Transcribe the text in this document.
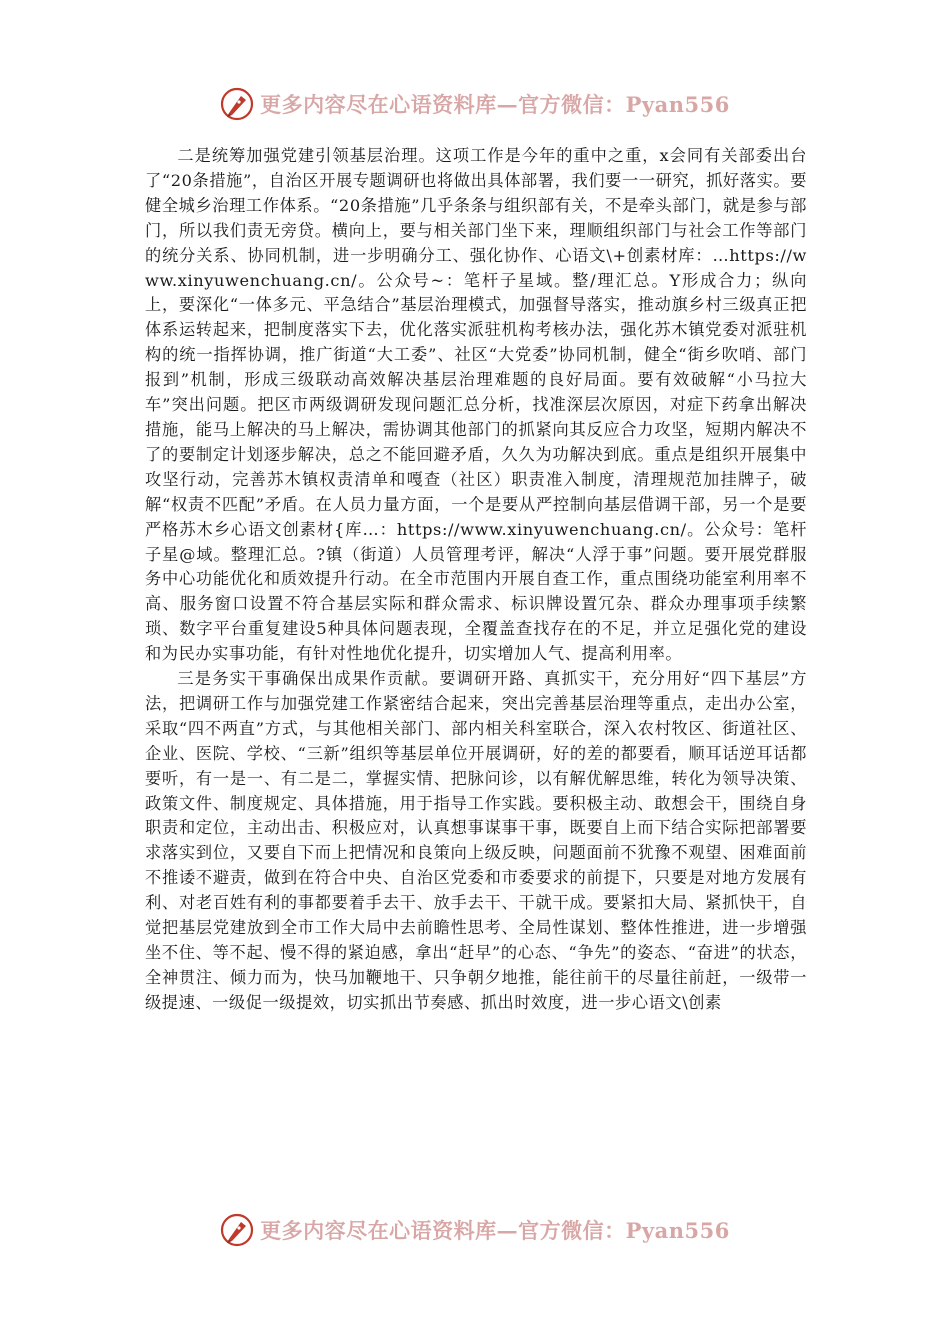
更多内容尽在心语资料库—官方微信：Pyan556

二是统筹加强党建引领基层治理。这项工作是今年的重中之重，x会同有关部委出台了“20条措施”，自治区开展专题调研也将做出具体部署，我们要一一研究，抓好落实。要健全城乡治理工作体系。“20条措施”几乎条条与组织部有关，不是牵头部门，就是参与部门，所以我们责无旁贷。横向上，要与相关部门坐下来，理顺组织部门与社会工作等部门的统分关系、协同机制，进一步明确分工、强化协作、心语文\+创素材库：…https://www.xinyuwenchuang.cn/。公众号~：笔杆子星域。整/理汇总。Y形成合力；纵向上，要深化“一体多元、平急结合”基层治理模式，加强督导落实，推动旗乡村三级真正把体系运转起来，把制度落实下去，优化落实派驻机构考核办法，强化苏木镇党委对派驻机构的统一指挥协调，推广街道“大工委”、社区“大党委”协同机制，健全“街乡吹哨、部门报到”机制，形成三级联动高效解决基层治理难题的良好局面。要有效破解“小马拉大车”突出问题。把区市两级调研发现问题汇总分析，找准深层次原因，对症下药拿出解决措施，能马上解决的马上解决，需协调其他部门的抓紧向其反应合力攻坚，短期内解决不了的要制定计划逐步解决，总之不能回避矛盾，久久为功解决到底。重点是组织开展集中攻坚行动，完善苏木镇权责清单和嘎查（社区）职责准入制度，清理规范加挂牌子，破解“权责不匹配”矛盾。在人员力量方面，一个是要从严控制向基层借调干部，另一个是要严格苏木乡心语文创素材{库…：https://www.xinyuwenchuang.cn/。公众号：笔杆子星@域。整理汇总。?镇（街道）人员管理考评，解决“人浮于事”问题。要开展党群服务中心功能优化和质效提升行动。在全市范围内开展自查工作，重点围绕功能室利用率不高、服务窗口设置不符合基层实际和群众需求、标识牌设置冗杂、群众办理事项手续繁琐、数字平台重复建设5种具体问题表现，全覆盖查找存在的不足，并立足强化党的建设和为民办实事功能，有针对性地优化提升，切实增加人气、提高利用率。

三是务实干事确保出成果作贡献。要调研开路、真抓实干，充分用好“四下基层”方法，把调研工作与加强党建工作紧密结合起来，突出完善基层治理等重点，走出办公室，采取“四不两直”方式，与其他相关部门、部内相关科室联合，深入农村牧区、街道社区、企业、医院、学校、“三新”组织等基层单位开展调研，好的差的都要看，顺耳话逆耳话都要听，有一是一、有二是二，掌握实情、把脉问诊，以有解优解思维，转化为领导决策、政策文件、制度规定、具体措施，用于指导工作实践。要积极主动、敢想会干，围绕自身职责和定位，主动出击、积极应对，认真想事谋事干事，既要自上而下结合实际把部署要求落实到位，又要自下而上把情况和良策向上级反映，问题面前不犹豫不观望、困难面前不推诿不避责，做到在符合中央、自治区党委和市委要求的前提下，只要是对地方发展有利、对老百姓有利的事都要着手去干、放手去干、干就干成。要紧扣大局、紧抓快干，自觉把基层党建放到全市工作大局中去前瞻性思考、全局性谋划、整体性推进，进一步增强坐不住、等不起、慢不得的紧迫感，拿出“赶早”的心态、“争先”的姿态、“奋进”的状态，全神贯注、倾力而为，快马加鞭地干、只争朝夕地推，能往前干的尽量往前赶，一级带一级提速、一级促一级提效，切实抓出节奏感、抓出时效度，进一步心语文\创素

更多内容尽在心语资料库—官方微信：Pyan556
